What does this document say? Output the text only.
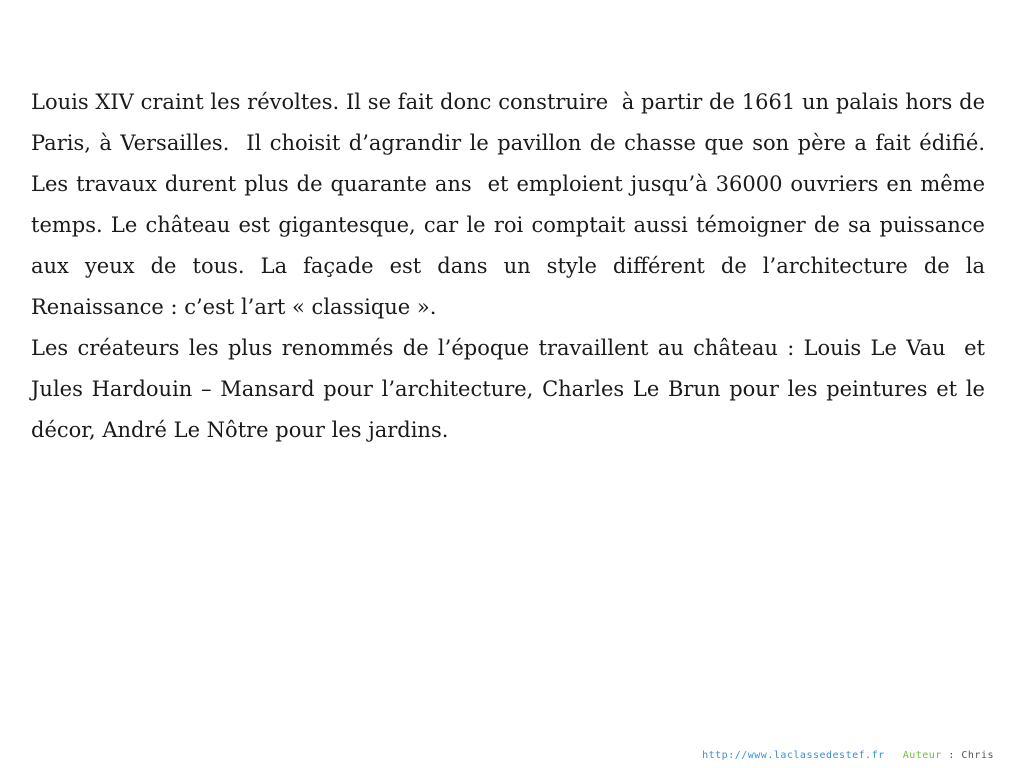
Louis XIV craint les révoltes. Il se fait donc construire  à partir de 1661 un palais hors de Paris, à Versailles.  Il choisit d’agrandir le pavillon de chasse que son père a fait édifié. Les travaux durent plus de quarante ans  et emploient jusqu’à 36000 ouvriers en même temps. Le château est gigantesque, car le roi comptait aussi témoigner de sa puissance aux yeux de tous. La façade est dans un style différent de l’architecture de la Renaissance : c’est l’art « classique ».

Les créateurs les plus renommés de l’époque travaillent au château : Louis Le Vau  et Jules Hardouin – Mansard pour l’architecture, Charles Le Brun pour les peintures et le décor, André Le Nôtre pour les jardins.

http://www.laclassedestef.fr Auteur : Chris
